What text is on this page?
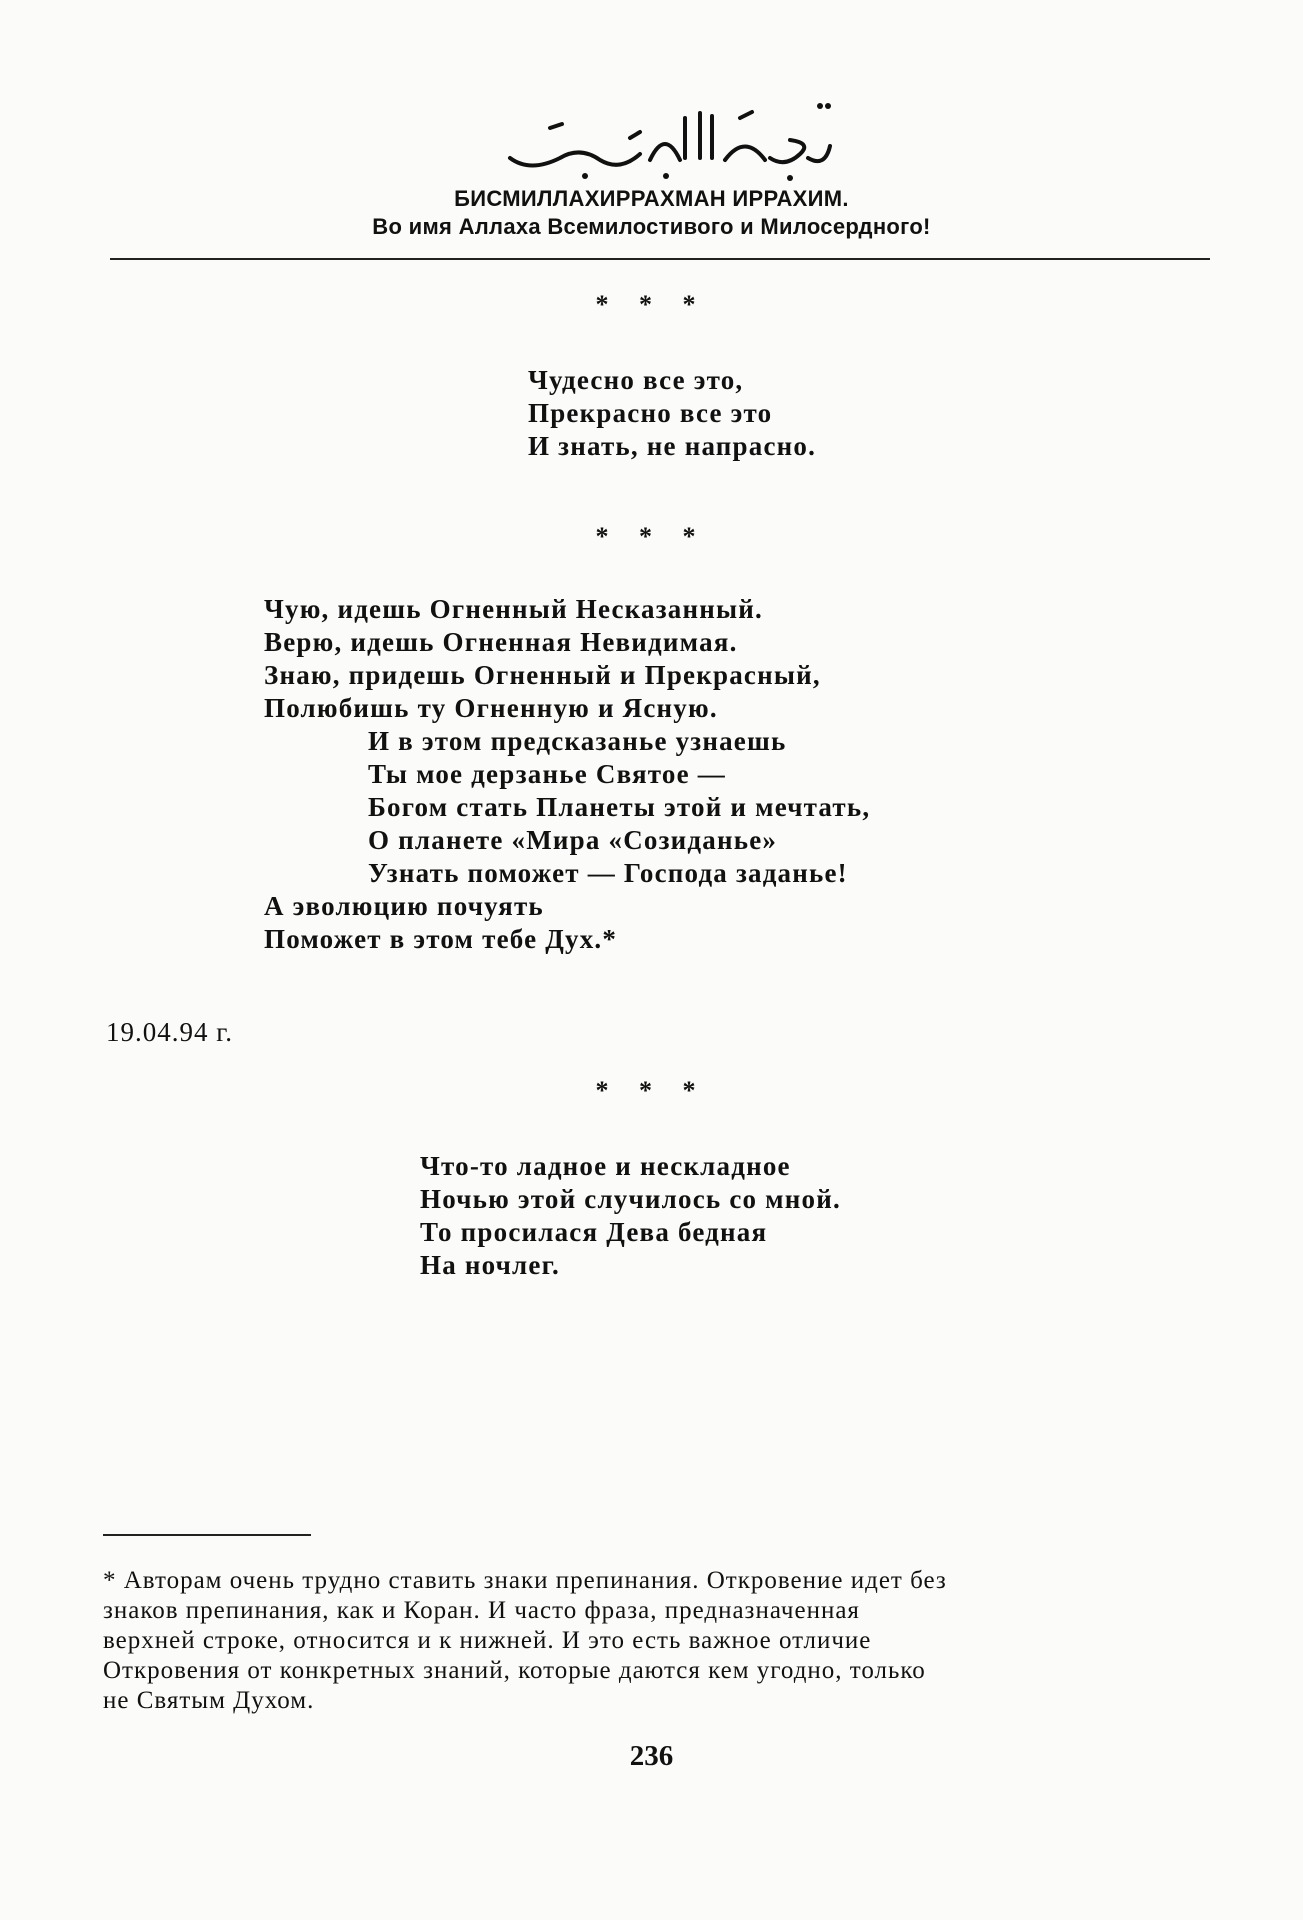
БИСМИЛЛАХИРРАХМАН ИРРАХИМ.
Во имя Аллаха Всемилостивого и Милосердного!
* * *
Чудесно все это,
Прекрасно все это
И знать, не напрасно.
* * *
Чую, идешь Огненный Несказанный.
Верю, идешь Огненная Невидимая.
Знаю, придешь Огненный и Прекрасный,
Полюбишь ту Огненную и Ясную.
И в этом предсказанье узнаешь
Ты мое дерзанье Святое —
Богом стать Планеты этой и мечтать,
О планете «Мира «Созиданье»
Узнать поможет — Господа заданье!
А эволюцию почуять
Поможет в этом тебе Дух.*
19.04.94 г.
* * *
Что-то ладное и нескладное
Ночью этой случилось со мной.
То просилася Дева бедная
На ночлег.
* Авторам очень трудно ставить знаки препинания. Откровение идет без
знаков препинания, как и Коран. И часто фраза, предназначенная
верхней строке, относится и к нижней. И это есть важное отличие
Откровения от конкретных знаний, которые даются кем угодно, только
не Святым Духом.
236
